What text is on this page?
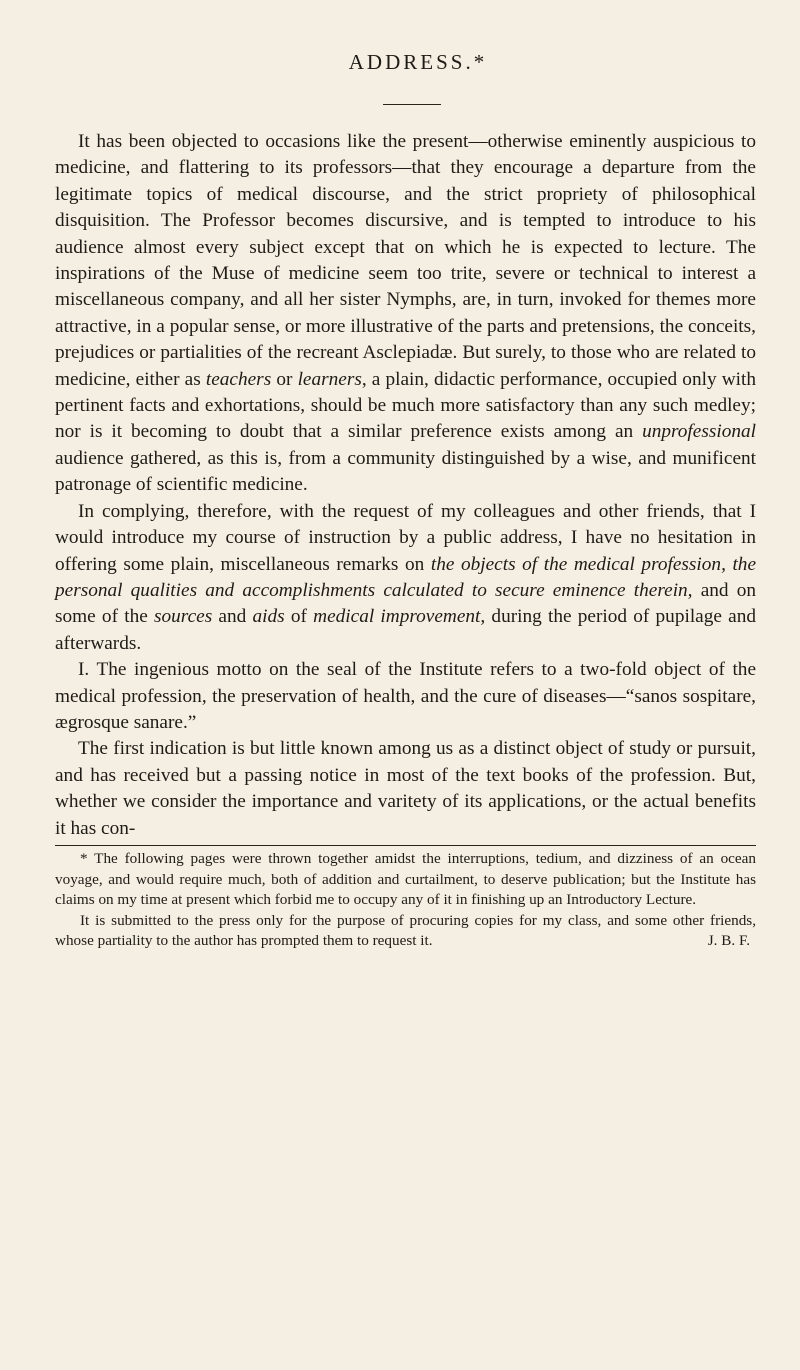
ADDRESS.*

It has been objected to occasions like the present—otherwise eminently auspicious to medicine, and flattering to its professors—that they encourage a departure from the legitimate topics of medical discourse, and the strict propriety of philosophical disquisition. The Professor becomes discursive, and is tempted to introduce to his audience almost every subject except that on which he is expected to lecture. The inspirations of the Muse of medicine seem too trite, severe or technical to interest a miscellaneous company, and all her sister Nymphs, are, in turn, invoked for themes more attractive, in a popular sense, or more illustrative of the parts and pretensions, the conceits, prejudices or partialities of the recreant Asclepiadæ. But surely, to those who are related to medicine, either as teachers or learners, a plain, didactic performance, occupied only with pertinent facts and exhortations, should be much more satisfactory than any such medley; nor is it becoming to doubt that a similar preference exists among an unprofessional audience gathered, as this is, from a community distinguished by a wise, and munificent patronage of scientific medicine.

In complying, therefore, with the request of my colleagues and other friends, that I would introduce my course of instruction by a public address, I have no hesitation in offering some plain, miscellaneous remarks on the objects of the medical profession, the personal qualities and accomplishments calculated to secure eminence therein, and on some of the sources and aids of medical improvement, during the period of pupilage and afterwards.

I. The ingenious motto on the seal of the Institute refers to a two-fold object of the medical profession, the preservation of health, and the cure of diseases—“sanos sospitare, ægrosque sanare.”

The first indication is but little known among us as a distinct object of study or pursuit, and has received but a passing notice in most of the text books of the profession. But, whether we consider the importance and varitety of its applications, or the actual benefits it has con-

* The following pages were thrown together amidst the interruptions, tedium, and dizziness of an ocean voyage, and would require much, both of addition and curtailment, to deserve publication; but the Institute has claims on my time at present which forbid me to occupy any of it in finishing up an Introductory Lecture.

It is submitted to the press only for the purpose of procuring copies for my class, and some other friends, whose partiality to the author has prompted them to request it.	J. B. F.
